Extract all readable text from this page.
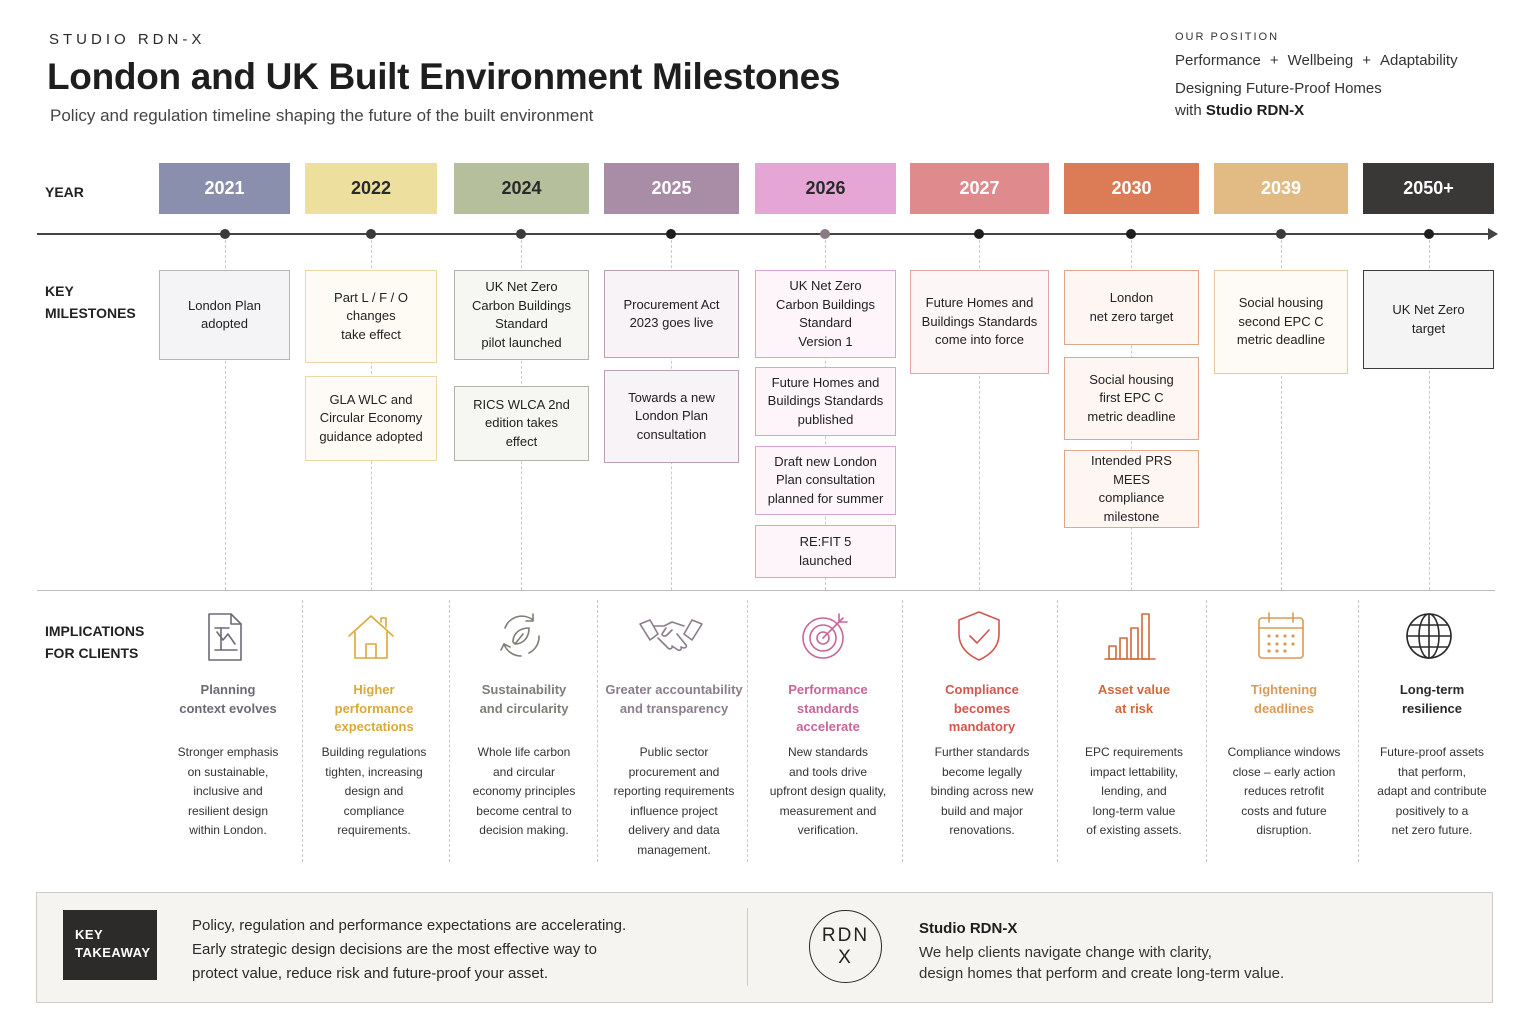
STUDIO RDN-X
London and UK Built Environment Milestones
Policy and regulation timeline shaping the future of the built environment
OUR POSITION
Performance + Wellbeing + Adaptability
Designing Future-Proof Homes
with Studio RDN-X
YEAR
KEY
MILESTONES
IMPLICATIONS
FOR CLIENTS
2021
London Plan
adopted
Planning
context evolves
Stronger emphasis
on sustainable,
inclusive and
resilient design
within London.
2022
Part L / F / O
changes
take effect
GLA WLC and
Circular Economy
guidance adopted
Higher
performance
expectations
Building regulations
tighten, increasing
design and
compliance
requirements.
2024
UK Net Zero
Carbon Buildings
Standard
pilot launched
RICS WLCA 2nd
edition takes
effect
Sustainability
and circularity
Whole life carbon
and circular
economy principles
become central to
decision making.
2025
Procurement Act
2023 goes live
Towards a new
London Plan
consultation
Greater accountability
and transparency
Public sector
procurement and
reporting requirements
influence project
delivery and data
management.
2026
UK Net Zero
Carbon Buildings
Standard
Version 1
Future Homes and
Buildings Standards
published
Draft new London
Plan consultation
planned for summer
RE:FIT 5
launched
Performance
standards
accelerate
New standards
and tools drive
upfront design quality,
measurement and
verification.
2027
Future Homes and
Buildings Standards
come into force
Compliance
becomes
mandatory
Further standards
become legally
binding across new
build and major
renovations.
2030
London
net zero target
Social housing
first EPC C
metric deadline
Intended PRS MEES
compliance
milestone
Asset value
at risk
EPC requirements
impact lettability,
lending, and
long-term value
of existing assets.
2039
Social housing
second EPC C
metric deadline
Tightening
deadlines
Compliance windows
close – early action
reduces retrofit
costs and future
disruption.
2050+
UK Net Zero
target
Long-term
resilience
Future-proof assets
that perform,
adapt and contribute
positively to a
net zero future.
KEY
TAKEAWAY
Policy, regulation and performance expectations are accelerating.
Early strategic design decisions are the most effective way to
protect value, reduce risk and future-proof your asset.
RDN
X
Studio RDN-X
We help clients navigate change with clarity,
design homes that perform and create long-term value.
